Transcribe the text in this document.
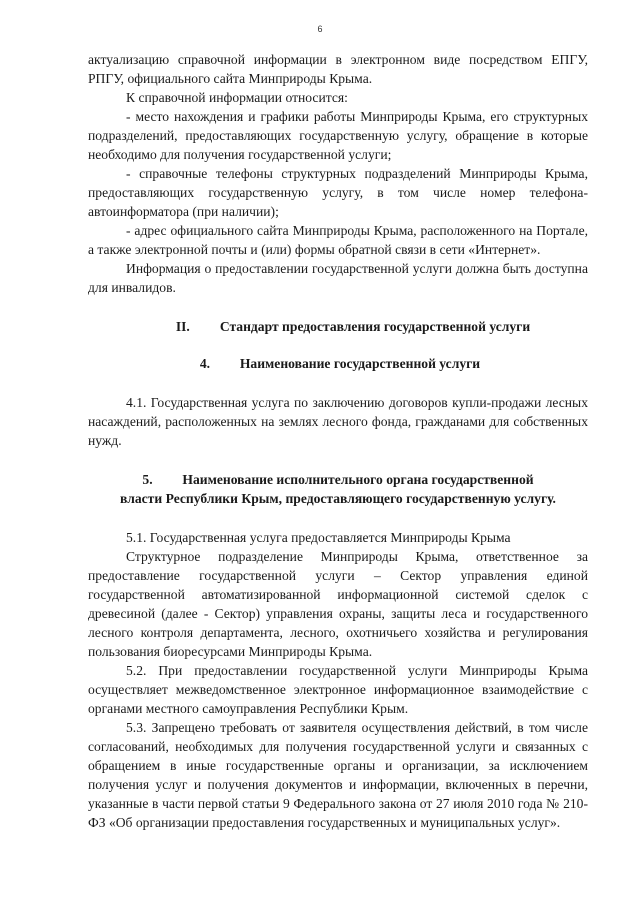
6

актуализацию справочной информации в электронном виде посредством ЕПГУ, РПГУ, официального сайта Минприроды Крыма.

К справочной информации относится:

- место нахождения и графики работы Минприроды Крыма, его структурных подразделений, предоставляющих государственную услугу, обращение в которые необходимо для получения государственной услуги;

- справочные телефоны структурных подразделений Минприроды Крыма, предоставляющих государственную услугу, в том числе номер телефона-автоинформатора (при наличии);

- адрес официального сайта Минприроды Крыма, расположенного на Портале, а также электронной почты и (или) формы обратной связи в сети «Интернет».

Информация о предоставлении государственной услуги должна быть доступна для инвалидов.

II. Стандарт предоставления государственной услуги

4. Наименование государственной услуги

4.1. Государственная услуга по заключению договоров купли-продажи лесных насаждений, расположенных на землях лесного фонда, гражданами для собственных нужд.

5. Наименование исполнительного органа государственной
власти Республики Крым, предоставляющего государственную услугу.

5.1. Государственная услуга предоставляется Минприроды Крыма

Структурное подразделение Минприроды Крыма, ответственное за предоставление государственной услуги – Сектор управления единой государственной автоматизированной информационной системой сделок с древесиной (далее - Сектор) управления охраны, защиты леса и государственного лесного контроля департамента, лесного, охотничьего хозяйства и регулирования пользования биоресурсами Минприроды Крыма.

5.2. При предоставлении государственной услуги Минприроды Крыма осуществляет межведомственное электронное информационное взаимодействие с органами местного самоуправления Республики Крым.

5.3. Запрещено требовать от заявителя осуществления действий, в том числе согласований, необходимых для получения государственной услуги и связанных с обращением в иные государственные органы и организации, за исключением получения услуг и получения документов и информации, включенных в перечни, указанные в части первой статьи 9 Федерального закона от 27 июля 2010 года № 210-ФЗ «Об организации предоставления государственных и муниципальных услуг».
